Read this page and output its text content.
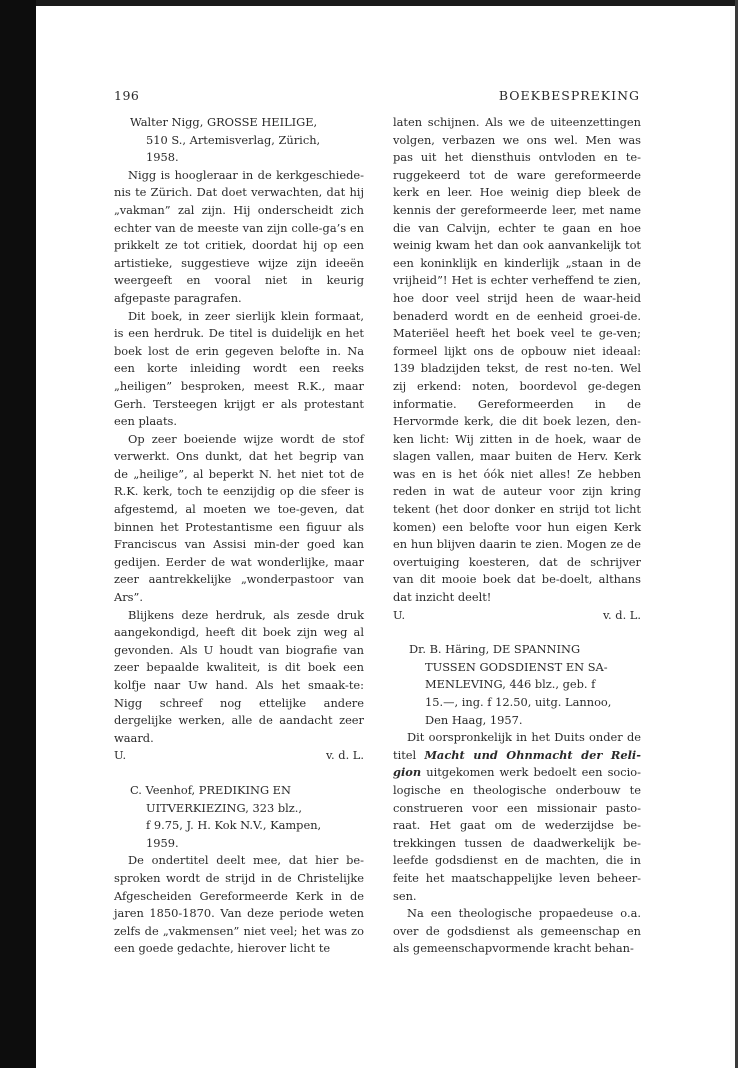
196	BOEKBESPREKING
Walter Nigg, GROSSE HEILIGE,
510 S., Artemisverlag, Zürich,
1958.

Nigg is hoogleraar in de kerkgeschiede-nis te Zürich. Dat doet verwachten, dat hij „vakman” zal zijn. Hij onderscheidt zich echter van de meeste van zijn colle-ga’s en prikkelt ze tot critiek, doordat hij op een artistieke, suggestieve wijze zijn ideeën weergeeft en vooral niet in keurig afgepaste paragrafen.

Dit boek, in zeer sierlijk klein formaat, is een herdruk. De titel is duidelijk en het boek lost de erin gegeven belofte in. Na een korte inleiding wordt een reeks „heiligen” besproken, meest R.K., maar Gerh. Tersteegen krijgt er als protestant een plaats.

Op zeer boeiende wijze wordt de stof verwerkt. Ons dunkt, dat het begrip van de „heilige”, al beperkt N. het niet tot de R.K. kerk, toch te eenzijdig op die sfeer is afgestemd, al moeten we toe-geven, dat binnen het Protestantisme een figuur als Franciscus van Assisi min-der goed kan gedijen. Eerder de wat wonderlijke, maar zeer aantrekkelijke „wonderpastoor van Ars”.

Blijkens deze herdruk, als zesde druk aangekondigd, heeft dit boek zijn weg al gevonden. Als U houdt van biografie van zeer bepaalde kwaliteit, is dit boek een kolfje naar Uw hand. Als het smaak-te: Nigg schreef nog ettelijke andere dergelijke werken, alle de aandacht zeer waard.

U.	v. d. L.
C. Veenhof, PREDIKING EN
UITVERKIEZING, 323 blz.,
f 9.75, J. H. Kok N.V., Kampen,
1959.

De ondertitel deelt mee, dat hier be-sproken wordt de strijd in de Christelijke Afgescheiden Gereformeerde Kerk in de jaren 1850-1870. Van deze periode weten zelfs de „vakmensen” niet veel; het was zo een goede gedachte, hierover licht te

laten schijnen. Als we de uiteenzettingen volgen, verbazen we ons wel. Men was pas uit het diensthuis ontvloden en te-ruggekeerd tot de ware gereformeerde kerk en leer. Hoe weinig diep bleek de kennis der gereformeerde leer, met name die van Calvijn, echter te gaan en hoe weinig kwam het dan ook aanvankelijk tot een koninklijk en kinderlijk „staan in de vrijheid”! Het is echter verheffend te zien, hoe door veel strijd heen de waar-heid benaderd wordt en de eenheid groei-de. Materiëel heeft het boek veel te ge-ven; formeel lijkt ons de opbouw niet ideaal: 139 bladzijden tekst, de rest no-ten. Wel zij erkend: noten, boordevol ge-degen informatie. Gereformeerden in de Hervormde kerk, die dit boek lezen, den-ken licht: Wij zitten in de hoek, waar de slagen vallen, maar buiten de Herv. Kerk was en is het óók niet alles! Ze hebben reden in wat de auteur voor zijn kring tekent (het door donker en strijd tot licht komen) een belofte voor hun eigen Kerk en hun blijven daarin te zien. Mogen ze de overtuiging koesteren, dat de schrijver van dit mooie boek dat be-doelt, althans dat inzicht deelt!

U.	v. d. L.
Dr. B. Häring, DE SPANNING
TUSSEN GODSDIENST EN SA-
MENLEVING, 446 blz., geb. f
15.—, ing. f 12.50, uitg. Lannoo,
Den Haag, 1957.

Dit oorspronkelijk in het Duits onder de titel Macht und Ohnmacht der Reli-gion uitgekomen werk bedoelt een socio-logische en theologische onderbouw te construeren voor een missionair pasto-raat. Het gaat om de wederzijdse be-trekkingen tussen de daadwerkelijk be-leefde godsdienst en de machten, die in feite het maatschappelijke leven beheer-sen.

Na een theologische propaedeuse o.a. over de godsdienst als gemeenschap en als gemeenschapvormende kracht behan-
